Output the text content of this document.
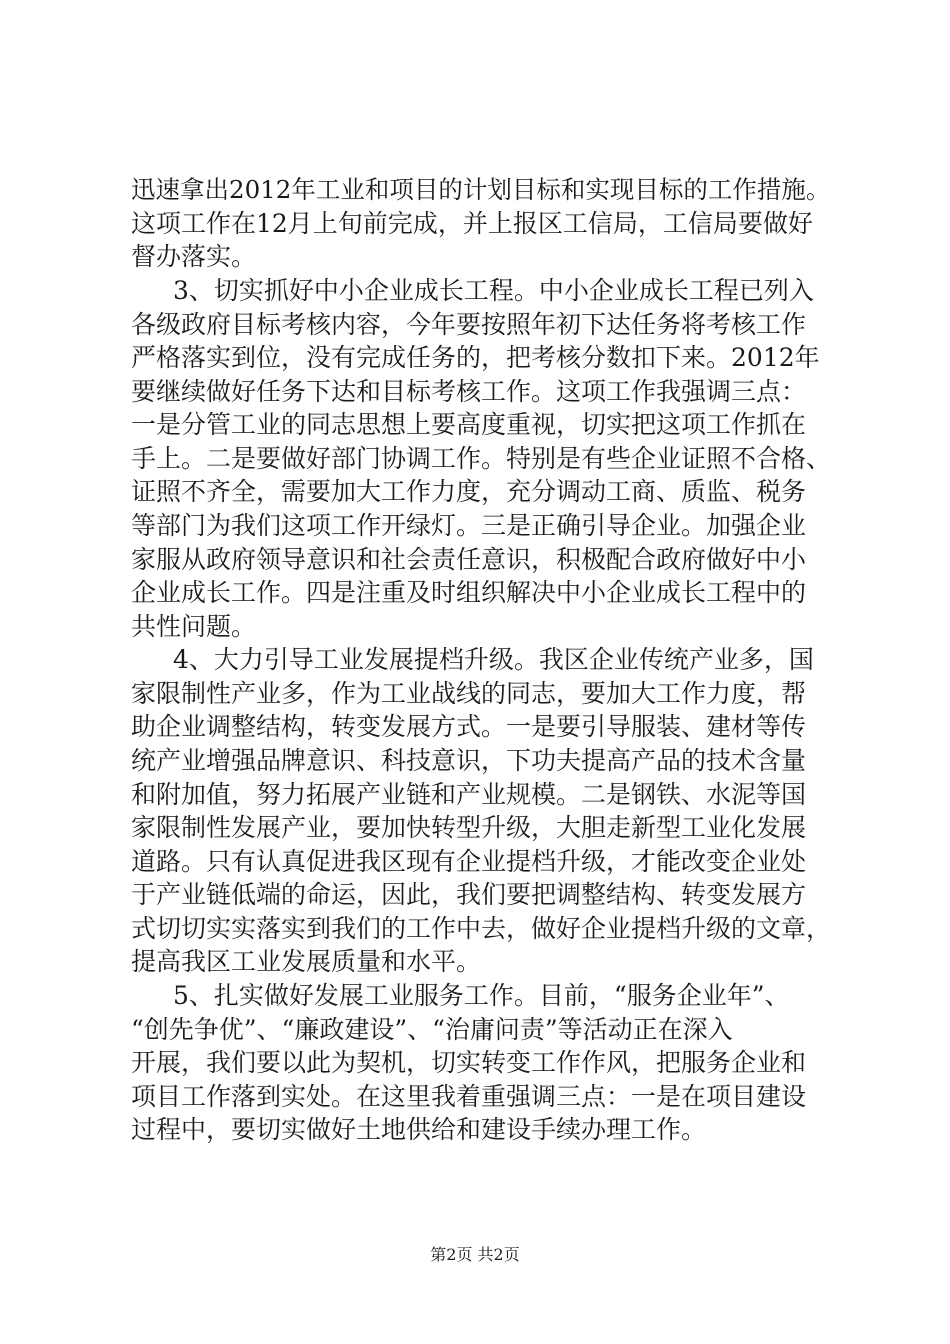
迅速拿出2012年工业和项目的计划目标和实现目标的工作措施。
这项工作在12月上旬前完成，并上报区工信局，工信局要做好
督办落实。
3、切实抓好中小企业成长工程。中小企业成长工程已列入
各级政府目标考核内容，今年要按照年初下达任务将考核工作
严格落实到位，没有完成任务的，把考核分数扣下来。2012年
要继续做好任务下达和目标考核工作。这项工作我强调三点：
一是分管工业的同志思想上要高度重视，切实把这项工作抓在
手上。二是要做好部门协调工作。特别是有些企业证照不合格、
证照不齐全，需要加大工作力度，充分调动工商、质监、税务
等部门为我们这项工作开绿灯。三是正确引导企业。加强企业
家服从政府领导意识和社会责任意识，积极配合政府做好中小
企业成长工作。四是注重及时组织解决中小企业成长工程中的
共性问题。
4、大力引导工业发展提档升级。我区企业传统产业多，国
家限制性产业多，作为工业战线的同志，要加大工作力度，帮
助企业调整结构，转变发展方式。一是要引导服装、建材等传
统产业增强品牌意识、科技意识，下功夫提高产品的技术含量
和附加值，努力拓展产业链和产业规模。二是钢铁、水泥等国
家限制性发展产业，要加快转型升级，大胆走新型工业化发展
道路。只有认真促进我区现有企业提档升级，才能改变企业处
于产业链低端的命运，因此，我们要把调整结构、转变发展方
式切切实实落实到我们的工作中去，做好企业提档升级的文章，
提高我区工业发展质量和水平。
5、扎实做好发展工业服务工作。目前，“服务企业年”、
“创先争优”、“廉政建设”、“治庸问责”等活动正在深入
开展，我们要以此为契机，切实转变工作作风，把服务企业和
项目工作落到实处。在这里我着重强调三点：一是在项目建设
过程中，要切实做好土地供给和建设手续办理工作。
第2页 共2页
